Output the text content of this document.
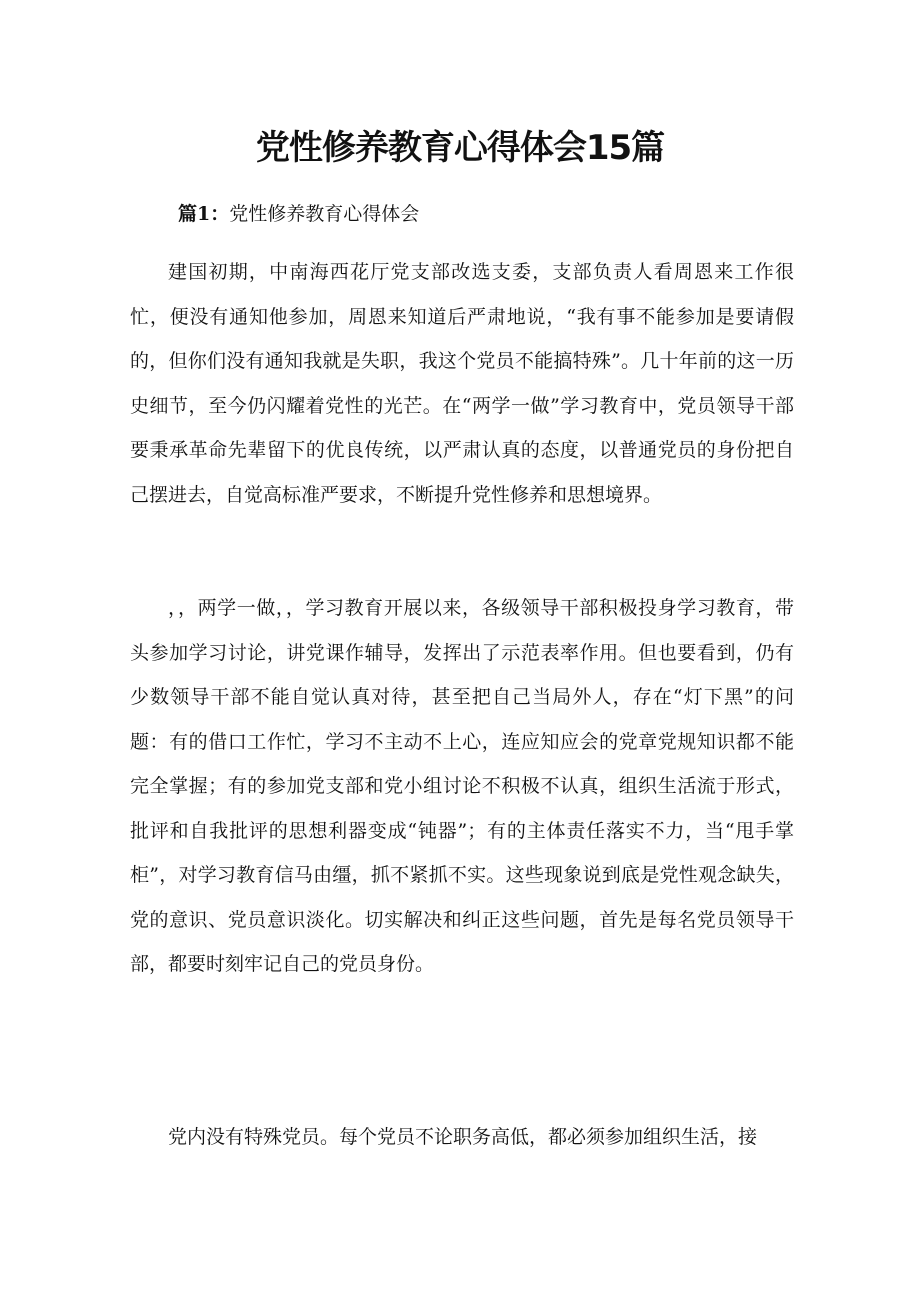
党性修养教育心得体会15篇

篇1：党性修养教育心得体会

建国初期，中南海西花厅党支部改选支委，支部负责人看周恩来工作很忙，便没有通知他参加，周恩来知道后严肃地说，“我有事不能参加是要请假的，但你们没有通知我就是失职，我这个党员不能搞特殊”。几十年前的这一历史细节，至今仍闪耀着党性的光芒。在“两学一做”学习教育中，党员领导干部要秉承革命先辈留下的优良传统，以严肃认真的态度，以普通党员的身份把自己摆进去，自觉高标准严要求，不断提升党性修养和思想境界。

，，两学一做，，学习教育开展以来，各级领导干部积极投身学习教育，带头参加学习讨论，讲党课作辅导，发挥出了示范表率作用。但也要看到，仍有少数领导干部不能自觉认真对待，甚至把自己当局外人，存在“灯下黑”的问题：有的借口工作忙，学习不主动不上心，连应知应会的党章党规知识都不能完全掌握；有的参加党支部和党小组讨论不积极不认真，组织生活流于形式，批评和自我批评的思想利器变成“钝器”；有的主体责任落实不力，当“甩手掌柜”，对学习教育信马由缰，抓不紧抓不实。这些现象说到底是党性观念缺失，党的意识、党员意识淡化。切实解决和纠正这些问题，首先是每名党员领导干部，都要时刻牢记自己的党员身份。

党内没有特殊党员。每个党员不论职务高低，都必须参加组织生活，接
